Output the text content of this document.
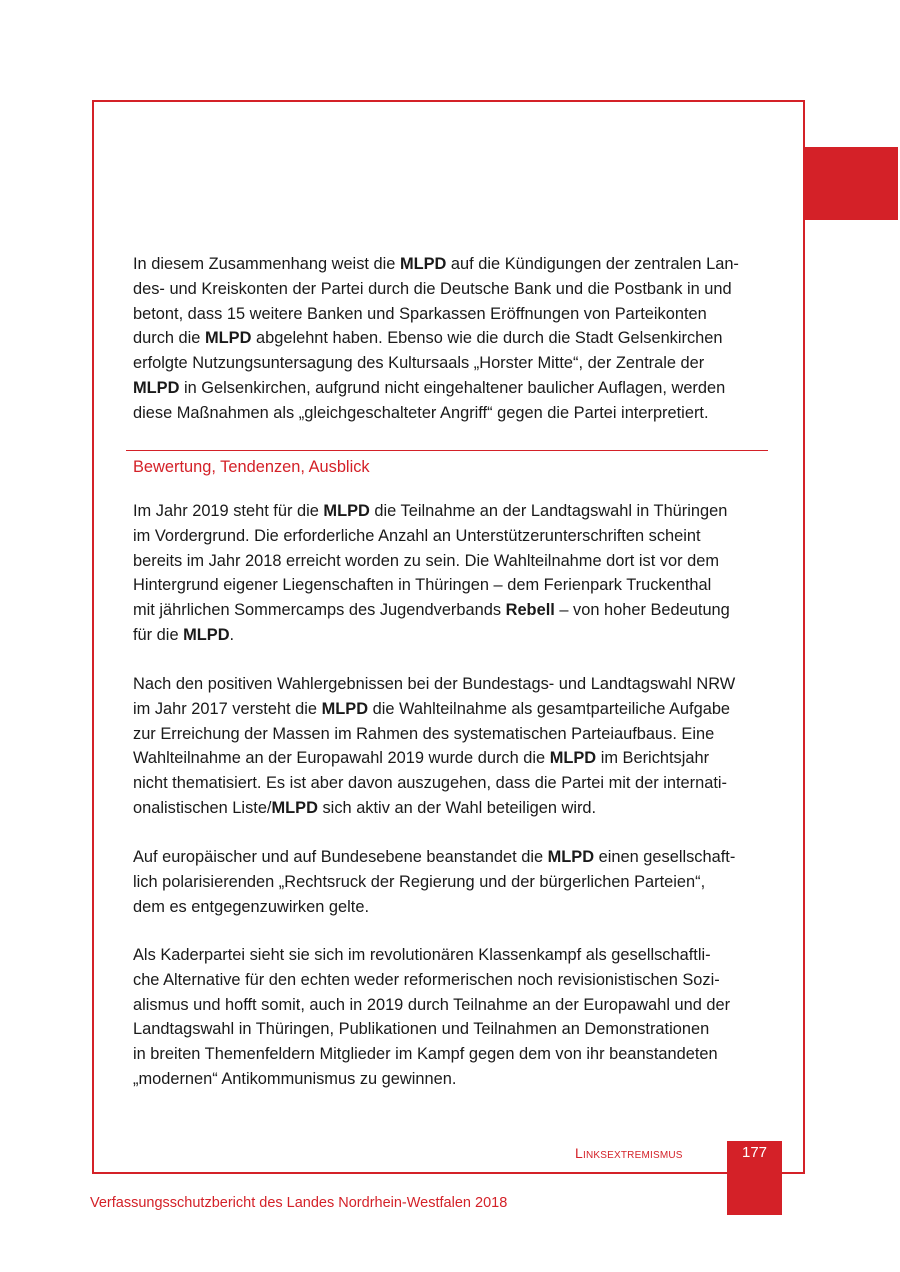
In diesem Zusammenhang weist die MLPD auf die Kündigungen der zentralen Lan-
des- und Kreiskonten der Partei durch die Deutsche Bank und die Postbank in und
betont, dass 15 weitere Banken und Sparkassen Eröffnungen von Parteikonten
durch die MLPD abgelehnt haben. Ebenso wie die durch die Stadt Gelsenkirchen
erfolgte Nutzungsuntersagung des Kultursaals „Horster Mitte“, der Zentrale der
MLPD in Gelsenkirchen, aufgrund nicht eingehaltener baulicher Auflagen, werden
diese Maßnahmen als „gleichgeschalteter Angriff“ gegen die Partei interpretiert.
Bewertung, Tendenzen, Ausblick
Im Jahr 2019 steht für die MLPD die Teilnahme an der Landtagswahl in Thüringen
im Vordergrund. Die erforderliche Anzahl an Unterstützerunterschriften scheint
bereits im Jahr 2018 erreicht worden zu sein. Die Wahlteilnahme dort ist vor dem
Hintergrund eigener Liegenschaften in Thüringen – dem Ferienpark Truckenthal
mit jährlichen Sommercamps des Jugendverbands Rebell – von hoher Bedeutung
für die MLPD.
Nach den positiven Wahlergebnissen bei der Bundestags- und Landtagswahl NRW
im Jahr 2017 versteht die MLPD die Wahlteilnahme als gesamtparteiliche Aufgabe
zur Erreichung der Massen im Rahmen des systematischen Parteiaufbaus. Eine
Wahlteilnahme an der Europawahl 2019 wurde durch die MLPD im Berichtsjahr
nicht thematisiert. Es ist aber davon auszugehen, dass die Partei mit der internati-
onalistischen Liste/MLPD sich aktiv an der Wahl beteiligen wird.
Auf europäischer und auf Bundesebene beanstandet die MLPD einen gesellschaft-
lich polarisierenden „Rechtsruck der Regierung und der bürgerlichen Parteien“,
dem es entgegenzuwirken gelte.
Als Kaderpartei sieht sie sich im revolutionären Klassenkampf als gesellschaftli-
che Alternative für den echten weder reformerischen noch revisionistischen Sozi-
alismus und hofft somit, auch in 2019 durch Teilnahme an der Europawahl und der
Landtagswahl in Thüringen, Publikationen und Teilnahmen an Demonstrationen
in breiten Themenfeldern Mitglieder im Kampf gegen dem von ihr beanstandeten
„modernen“ Antikommunismus zu gewinnen.
Linksextremismus	177
Verfassungsschutzbericht des Landes Nordrhein-Westfalen 2018
